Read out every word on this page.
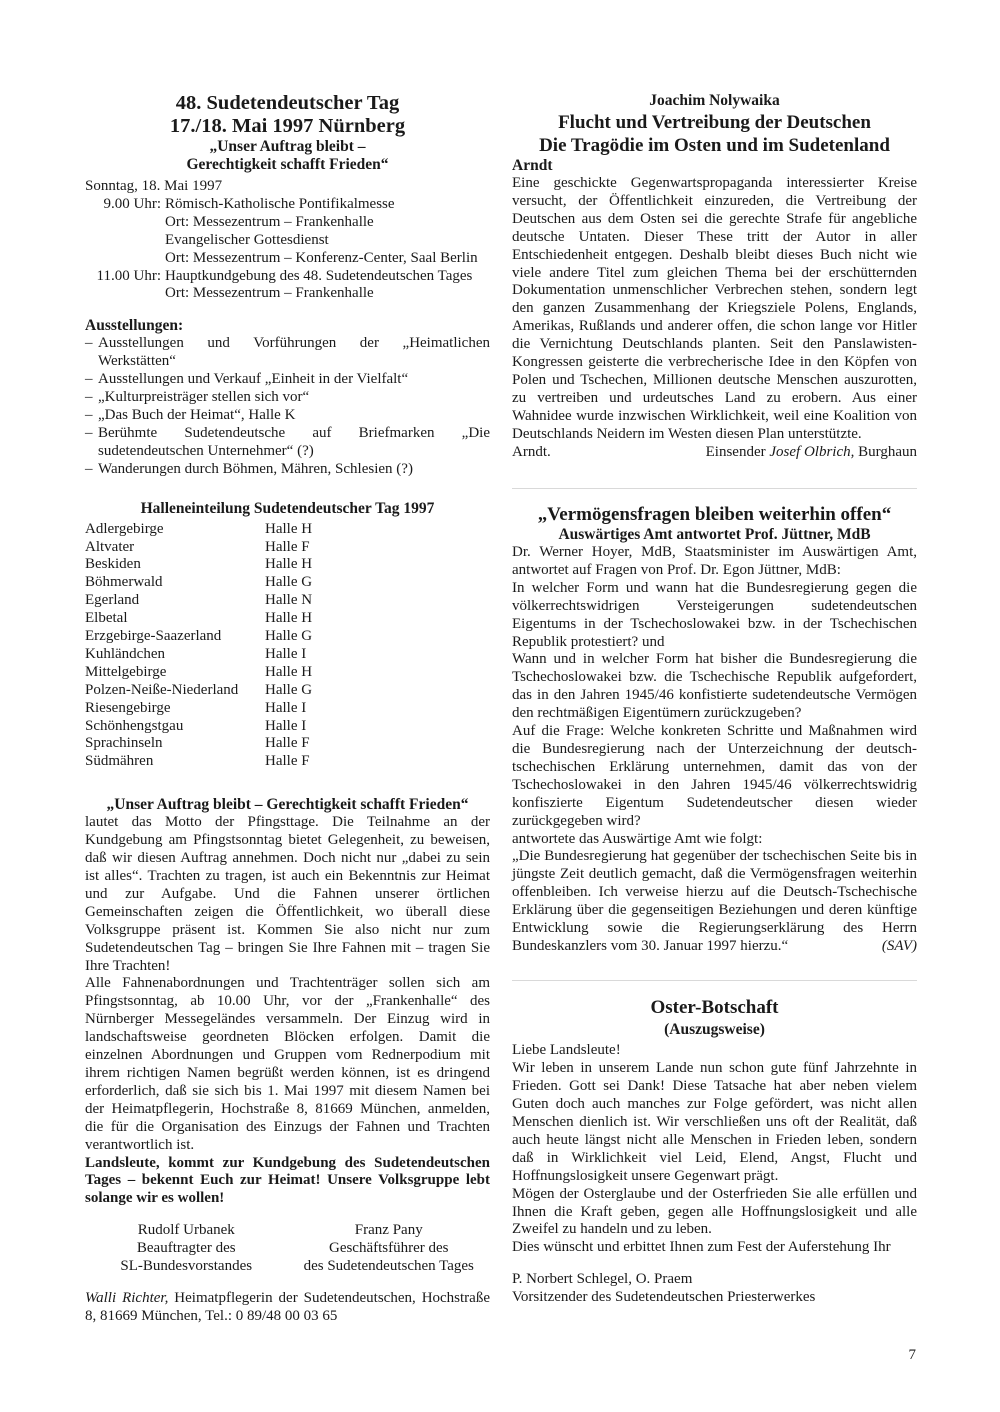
48. Sudetendeutscher Tag
17./18. Mai 1997 Nürnberg
„Unser Auftrag bleibt –
Gerechtigkeit schafft Frieden“
Sonntag, 18. Mai 1997
9.00 Uhr: Römisch-Katholische Pontifikalmesse
Ort: Messezentrum – Frankenhalle
Evangelischer Gottesdienst
Ort: Messezentrum – Konferenz-Center, Saal Berlin
11.00 Uhr: Hauptkundgebung des 48. Sudetendeutschen Tages
Ort: Messezentrum – Frankenhalle
Ausstellungen:
– Ausstellungen und Vorführungen der „Heimatlichen Werkstätten“
– Ausstellungen und Verkauf „Einheit in der Vielfalt“
– „Kulturpreisträger stellen sich vor“
– „Das Buch der Heimat“, Halle K
– Berühmte Sudetendeutsche auf Briefmarken „Die sudetendeutschen Unternehmer“ (?)
– Wanderungen durch Böhmen, Mähren, Schlesien (?)
Halleneinteilung Sudetendeutscher Tag 1997
Adlergebirge	Halle H
Altvater	Halle F
Beskiden	Halle H
Böhmerwald	Halle G
Egerland	Halle N
Elbetal	Halle H
Erzgebirge-Saazerland	Halle G
Kuhländchen	Halle I
Mittelgebirge	Halle H
Polzen-Neiße-Niederland	Halle G
Riesengebirge	Halle I
Schönhengstgau	Halle I
Sprachinseln	Halle F
Südmähren	Halle F
„Unser Auftrag bleibt – Gerechtigkeit schafft Frieden“

lautet das Motto der Pfingsttage. Die Teilnahme an der Kundgebung am Pfingstsonntag bietet Gelegenheit, zu beweisen, daß wir diesen Auftrag annehmen. Doch nicht nur „dabei zu sein ist alles“. Trachten zu tragen, ist auch ein Bekenntnis zur Heimat und zur Aufgabe. Und die Fahnen unserer örtlichen Gemeinschaften zeigen die Öffentlichkeit, wo überall diese Volksgruppe präsent ist. Kommen Sie also nicht nur zum Sudetendeutschen Tag – bringen Sie Ihre Fahnen mit – tragen Sie Ihre Trachten!

Alle Fahnenabordnungen und Trachtenträger sollen sich am Pfingstsonntag, ab 10.00 Uhr, vor der „Frankenhalle“ des Nürnberger Messegeländes versammeln. Der Einzug wird in landschaftsweise geordneten Blöcken erfolgen. Damit die einzelnen Abordnungen und Gruppen vom Rednerpodium mit ihrem richtigen Namen begrüßt werden können, ist es dringend erforderlich, daß sie sich bis 1. Mai 1997 mit diesem Namen bei der Heimatpflegerin, Hochstraße 8, 81669 München, anmelden, die für die Organisation des Einzugs der Fahnen und Trachten verantwortlich ist.

Landsleute, kommt zur Kundgebung des Sudetendeutschen Tages – bekennt Euch zur Heimat! Unsere Volksgruppe lebt solange wir es wollen!

Rudolf Urbanek
Beauftragter des
SL-Bundesvorstandes
Franz Pany
Geschäftsführer des
des Sudetendeutschen Tages

Walli Richter, Heimatpflegerin der Sudetendeutschen, Hochstraße 8, 81669 München, Tel.: 0 89/48 00 03 65

Joachim Nolywaika
Flucht und Vertreibung der Deutschen
Die Tragödie im Osten und im Sudetenland
Arndt

Eine geschickte Gegenwartspropaganda interessierter Kreise versucht, der Öffentlichkeit einzureden, die Vertreibung der Deutschen aus dem Osten sei die gerechte Strafe für angebliche deutsche Untaten. Dieser These tritt der Autor in aller Entschiedenheit entgegen. Deshalb bleibt dieses Buch nicht wie viele andere Titel zum gleichen Thema bei der erschütternden Dokumentation unmenschlicher Verbrechen stehen, sondern legt den ganzen Zusammenhang der Kriegsziele Polens, Englands, Amerikas, Rußlands und anderer offen, die schon lange vor Hitler die Vernichtung Deutschlands planten. Seit den Panslawisten-Kongressen geisterte die verbrecherische Idee in den Köpfen von Polen und Tschechen, Millionen deutsche Menschen auszurotten, zu vertreiben und urdeutsches Land zu erobern. Aus einer Wahnidee wurde inzwischen Wirklichkeit, weil eine Koalition von Deutschlands Neidern im Westen diesen Plan unterstützte.

Arndt.	Einsender Josef Olbrich, Burghaun
„Vermögensfragen bleiben weiterhin offen“
Auswärtiges Amt antwortet Prof. Jüttner, MdB

Dr. Werner Hoyer, MdB, Staatsminister im Auswärtigen Amt, antwortet auf Fragen von Prof. Dr. Egon Jüttner, MdB:

In welcher Form und wann hat die Bundesregierung gegen die völkerrechtswidrigen Versteigerungen sudetendeutschen Eigentums in der Tschechoslowakei bzw. in der Tschechischen Republik protestiert? und

Wann und in welcher Form hat bisher die Bundesregierung die Tschechoslowakei bzw. die Tschechische Republik aufgefordert, das in den Jahren 1945/46 konfistierte sudetendeutsche Vermögen den rechtmäßigen Eigentümern zurückzugeben?

Auf die Frage: Welche konkreten Schritte und Maßnahmen wird die Bundesregierung nach der Unterzeichnung der deutsch-tschechischen Erklärung unternehmen, damit das von der Tschechoslowakei in den Jahren 1945/46 völkerrechtswidrig konfiszierte Eigentum Sudetendeutscher diesen wieder zurückgegeben wird?

antwortete das Auswärtige Amt wie folgt:

„Die Bundesregierung hat gegenüber der tschechischen Seite bis in jüngste Zeit deutlich gemacht, daß die Vermögensfragen weiterhin offenbleiben. Ich verweise hierzu auf die Deutsch-Tschechische Erklärung über die gegenseitigen Beziehungen und deren künftige Entwicklung sowie die Regierungserklärung des Herrn Bundeskanzlers vom 30. Januar 1997 hierzu.“	(SAV)

Oster-Botschaft
(Auszugsweise)

Liebe Landsleute!

Wir leben in unserem Lande nun schon gute fünf Jahrzehnte in Frieden. Gott sei Dank! Diese Tatsache hat aber neben vielem Guten doch auch manches zur Folge gefördert, was nicht allen Menschen dienlich ist. Wir verschließen uns oft der Realität, daß auch heute längst nicht alle Menschen in Frieden leben, sondern daß in Wirklichkeit viel Leid, Elend, Angst, Flucht und Hoffnungslosigkeit unsere Gegenwart prägt.

Mögen der Osterglaube und der Osterfrieden Sie alle erfüllen und Ihnen die Kraft geben, gegen alle Hoffnungslosigkeit und alle Zweifel zu handeln und zu leben.

Dies wünscht und erbittet Ihnen zum Fest der Auferstehung Ihr

P. Norbert Schlegel, O. Praem

Vorsitzender des Sudetendeutschen Priesterwerkes

7
